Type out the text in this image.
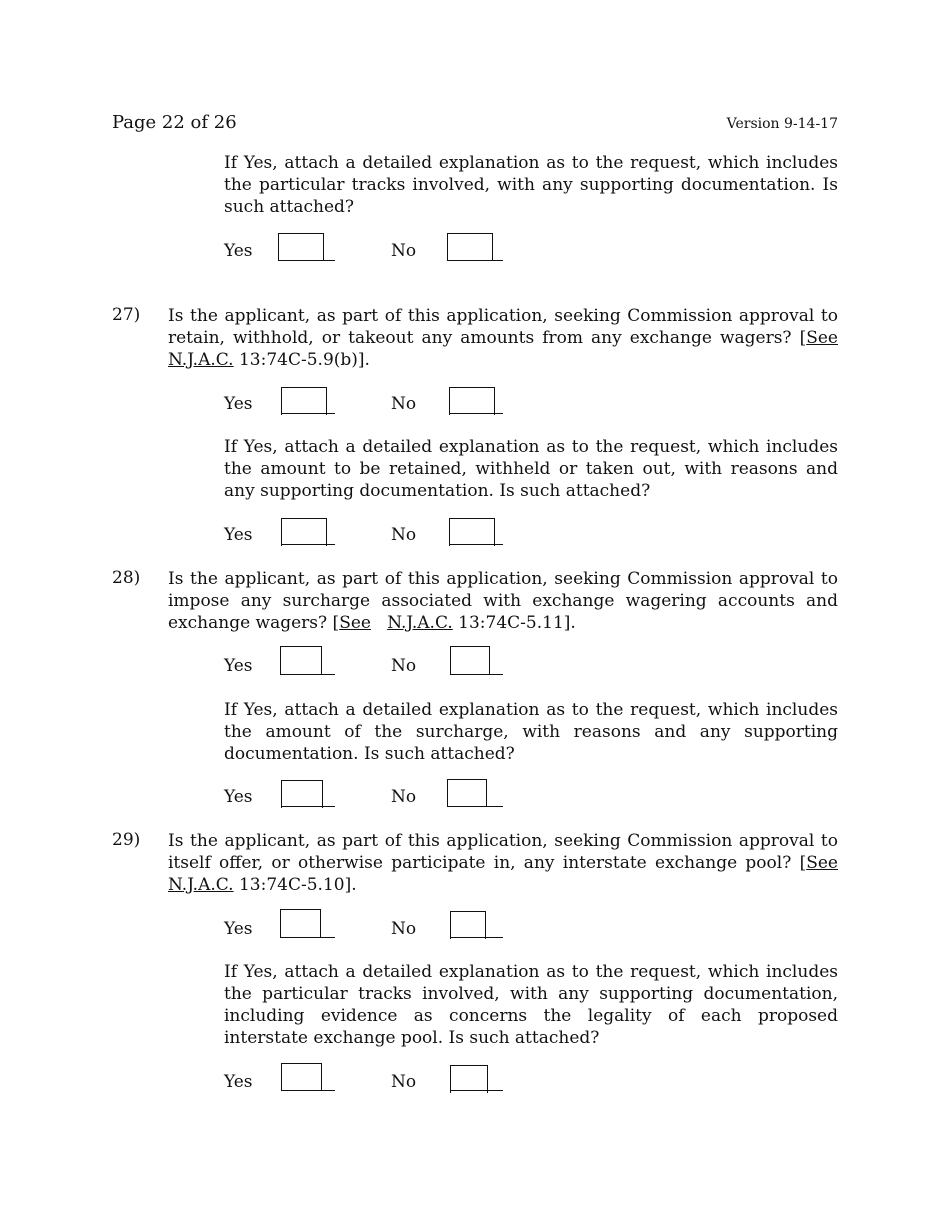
Page 22 of 26	Version 9-14-17
If Yes, attach a detailed explanation as to the request, which includes the particular tracks involved, with any supporting documentation. Is such attached?
Yes	No
27) Is the applicant, as part of this application, seeking Commission approval to retain, withhold, or takeout any amounts from any exchange wagers? [See N.J.A.C. 13:74C-5.9(b)].
Yes	No
If Yes, attach a detailed explanation as to the request, which includes the amount to be retained, withheld or taken out, with reasons and any supporting documentation. Is such attached?
Yes	No
28) Is the applicant, as part of this application, seeking Commission approval to impose any surcharge associated with exchange wagering accounts and exchange wagers? [See N.J.A.C. 13:74C-5.11].
Yes	No
If Yes, attach a detailed explanation as to the request, which includes the amount of the surcharge, with reasons and any supporting documentation. Is such attached?
Yes	No
29) Is the applicant, as part of this application, seeking Commission approval to itself offer, or otherwise participate in, any interstate exchange pool? [See N.J.A.C. 13:74C-5.10].
Yes	No
If Yes, attach a detailed explanation as to the request, which includes the particular tracks involved, with any supporting documentation, including evidence as concerns the legality of each proposed interstate exchange pool. Is such attached?
Yes	No
